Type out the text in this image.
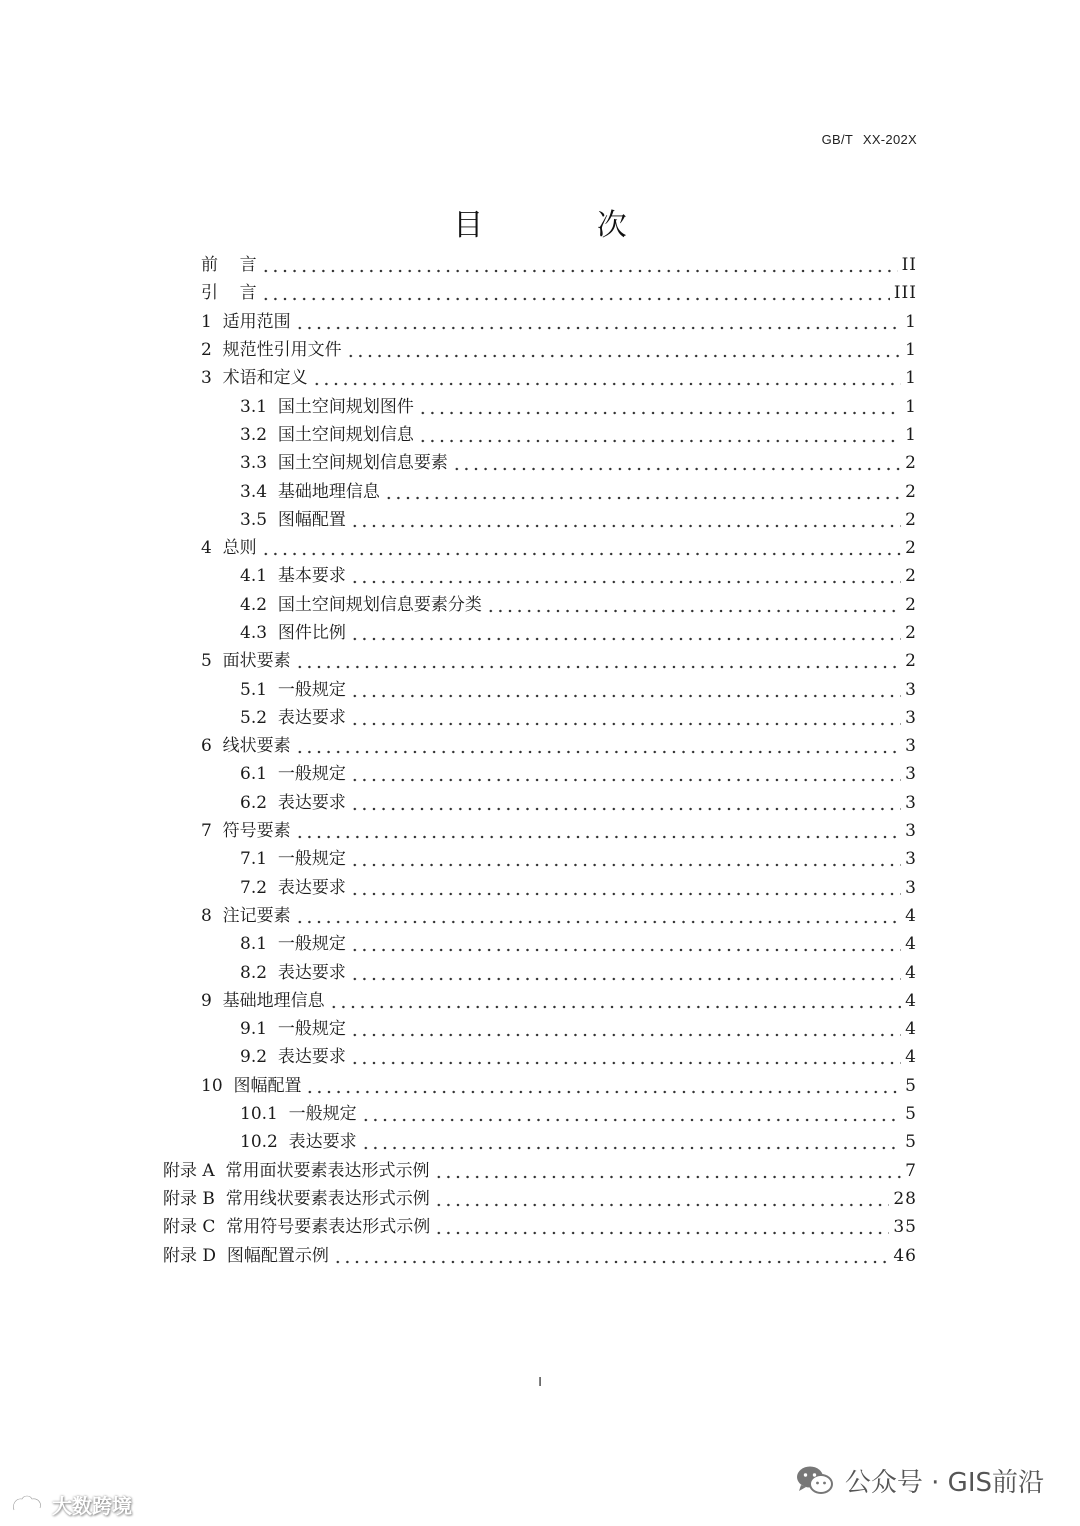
GB/T XX-202X
目 次
前    言	II
引    言	III
1  适用范围	1
2  规范性引用文件	1
3  术语和定义	1
3.1  国土空间规划图件	1
3.2  国土空间规划信息	1
3.3  国土空间规划信息要素	2
3.4  基础地理信息	2
3.5  图幅配置	2
4  总则	2
4.1  基本要求	2
4.2  国土空间规划信息要素分类	2
4.3  图件比例	2
5  面状要素	2
5.1  一般规定	3
5.2  表达要求	3
6  线状要素	3
6.1  一般规定	3
6.2  表达要求	3
7  符号要素	3
7.1  一般规定	3
7.2  表达要求	3
8  注记要素	4
8.1  一般规定	4
8.2  表达要求	4
9  基础地理信息	4
9.1  一般规定	4
9.2  表达要求	4
10  图幅配置	5
10.1  一般规定	5
10.2  表达要求	5
附录 A  常用面状要素表达形式示例	7
附录 B  常用线状要素表达形式示例	28
附录 C  常用符号要素表达形式示例	35
附录 D  图幅配置示例	46
I
大数跨境
公众号 · GIS前沿
